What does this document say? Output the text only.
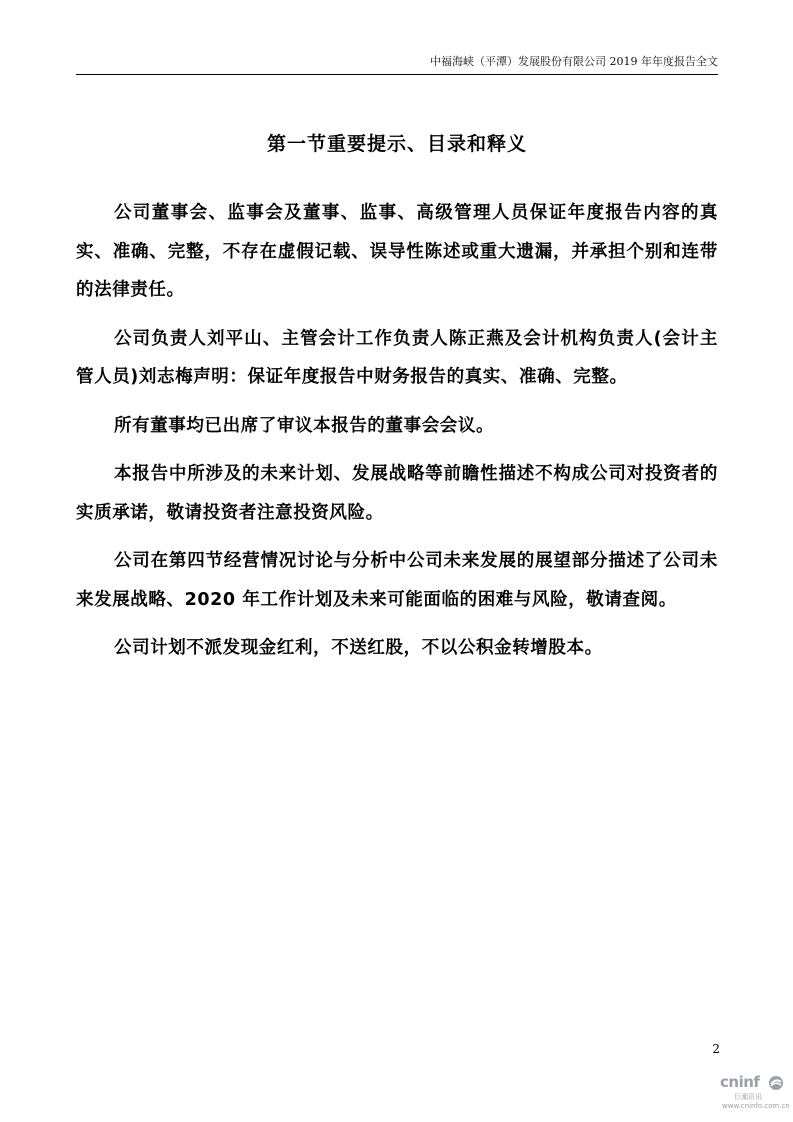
中福海峡（平潭）发展股份有限公司 2019 年年度报告全文
第一节重要提示、目录和释义

公司董事会、监事会及董事、监事、高级管理人员保证年度报告内容的真实、准确、完整，不存在虚假记载、误导性陈述或重大遗漏，并承担个别和连带的法律责任。

公司负责人刘平山、主管会计工作负责人陈正燕及会计机构负责人(会计主管人员)刘志梅声明：保证年度报告中财务报告的真实、准确、完整。

所有董事均已出席了审议本报告的董事会会议。

本报告中所涉及的未来计划、发展战略等前瞻性描述不构成公司对投资者的实质承诺，敬请投资者注意投资风险。

公司在第四节经营情况讨论与分析中公司未来发展的展望部分描述了公司未来发展战略、2020 年工作计划及未来可能面临的困难与风险，敬请查阅。

公司计划不派发现金红利，不送红股，不以公积金转增股本。

2
cninf
巨潮资讯
www.cninfo.com.cn
